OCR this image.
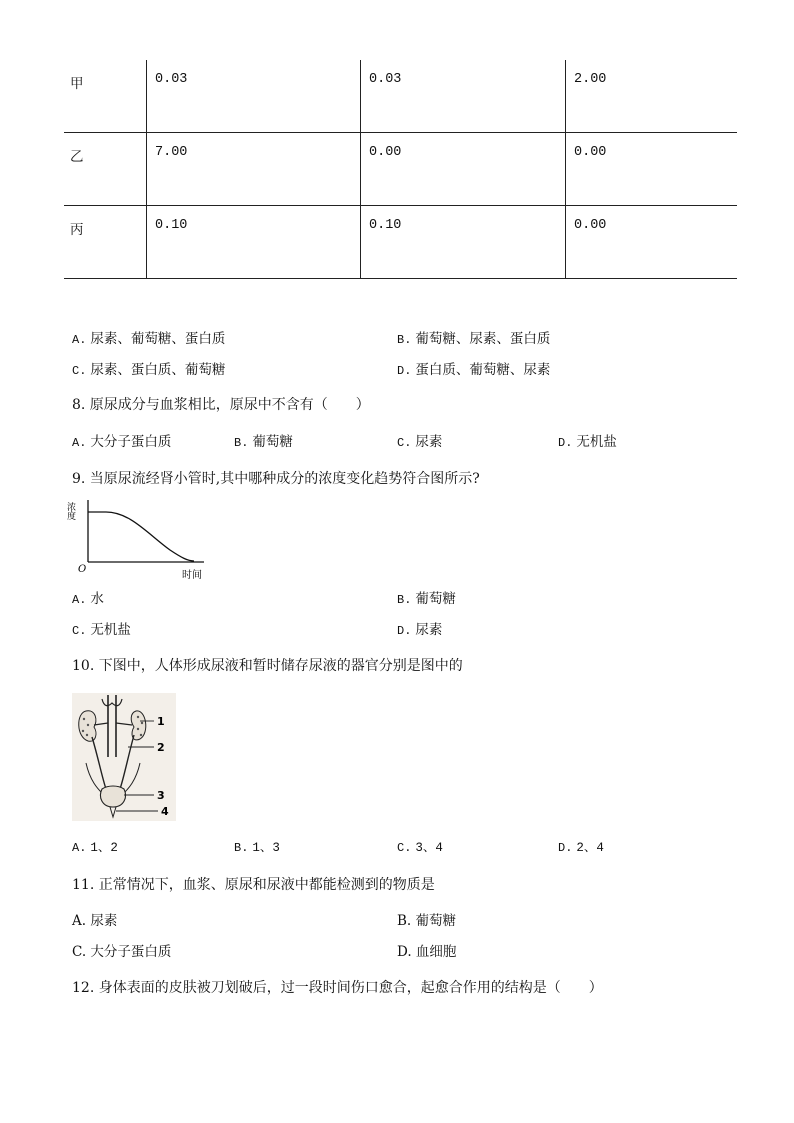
甲	0.03	0.03	2.00
乙	7.00	0.00	0.00
丙	0.10	0.10	0.00
A. 尿素、葡萄糖、蛋白质	B. 葡萄糖、尿素、蛋白质
C. 尿素、蛋白质、葡萄糖	D. 蛋白质、葡萄糖、尿素
8. 原尿成分与血浆相比，原尿中不含有（　　）
A. 大分子蛋白质	B. 葡萄糖	C. 尿素	D. 无机盐
9. 当原尿流经肾小管时,其中哪种成分的浓度变化趋势符合图所示?
浓度
O
时间
A. 水	B. 葡萄糖
C. 无机盐	D. 尿素
10. 下图中，人体形成尿液和暂时储存尿液的器官分别是图中的
1
2
3
4
A. 1、2	B. 1、3	C. 3、4	D. 2、4
11. 正常情况下，血浆、原尿和尿液中都能检测到的物质是
A. 尿素	B. 葡萄糖
C. 大分子蛋白质	D. 血细胞
12. 身体表面的皮肤被刀划破后，过一段时间伤口愈合，起愈合作用的结构是（　　）
